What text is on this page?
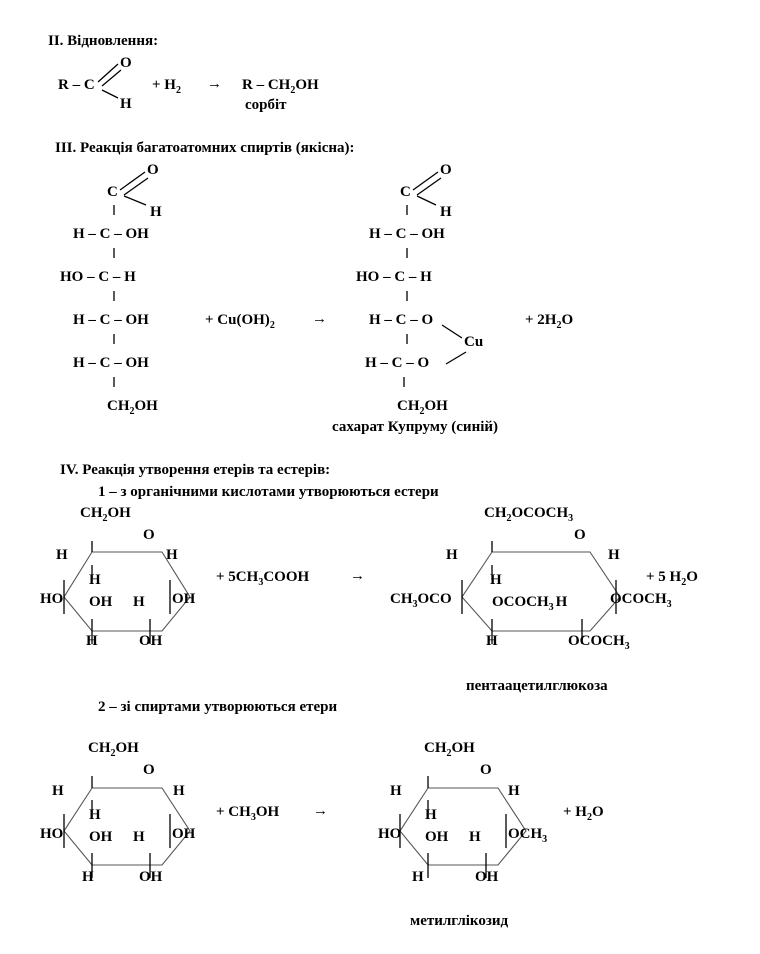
II. Відновлення:
R – C
O
H
+ $H_2 \to R - CH_2OH$
сорбіт
III. Реакція багатоатомних спиртів (якісна):
O
C
H
H – C – OH
HO – C – H
H – C – OH
H – C – OH
$CH_2OH$
+ $Cu(OH)_2$ →
O
C
H
H – C – OH
HO – C – H
H – C – O
Cu
H – C – O
$CH_2OH$
+ $2H_2O$
сахарат Купруму (синій)
IV. Реакція утворення етерів та естерів:
1 – з органічними кислотами утворюються естери
$CH_2OH$
O
H	H
H
HO OH H OH
H	OH
+ $5CH_3COOH$	→
$CH_2OCOCH_3$
O
H	H
$CH_3OCO$
H
$OCOCH_3$ H	$OCOCH_3$
H	$OCOCH_3$
+ 5 $H_2O$
пентаацетилглюкоза
2 – зі спиртами утворюються етери
$CH_2OH$
O
H	H
H
HO OH H OH
H	OH
+ $CH_3OH$ →
$CH_2OH$
O
H	H
H
HO OH H $OCH_3$
H	OH
+ $H_2O$
метилглікозид
